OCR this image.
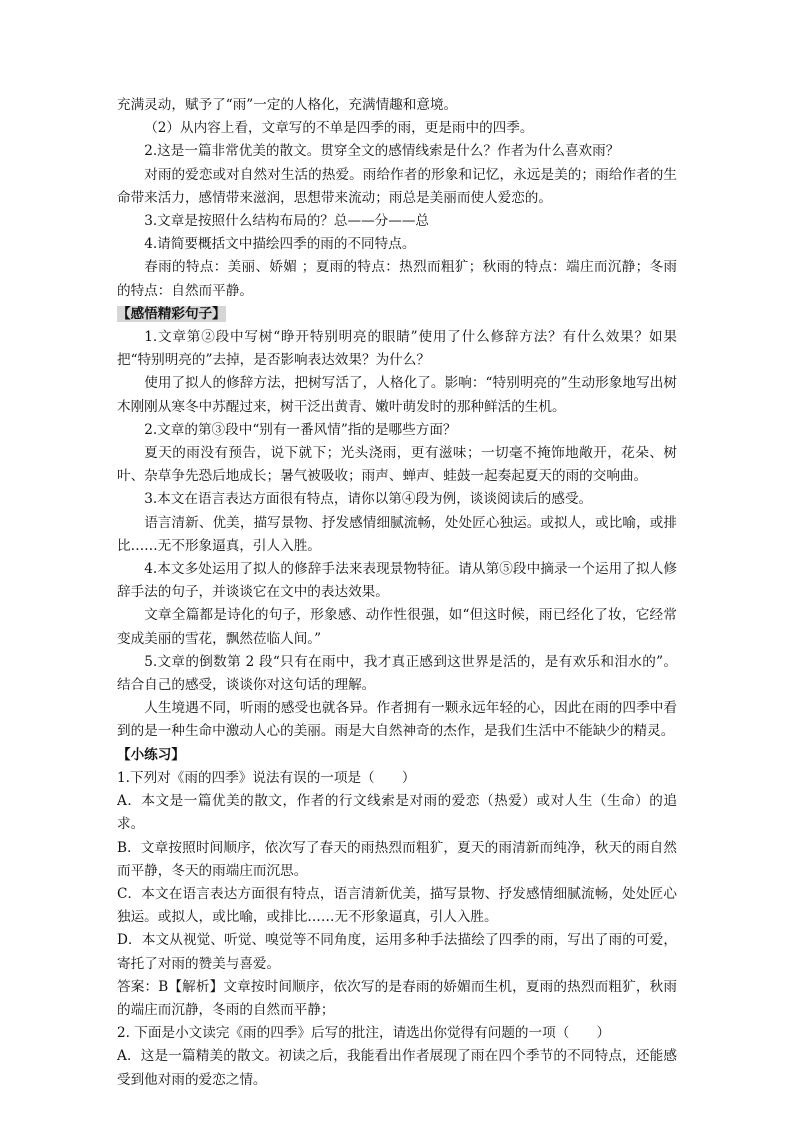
充满灵动，赋予了“雨”一定的人格化，充满情趣和意境。

（2）从内容上看，文章写的不单是四季的雨，更是雨中的四季。

2.这是一篇非常优美的散文。贯穿全文的感情线索是什么？作者为什么喜欢雨？

对雨的爱恋或对自然对生活的热爱。雨给作者的形象和记忆，永远是美的；雨给作者的生命带来活力，感情带来滋润，思想带来流动；雨总是美丽而使人爱恋的。

3.文章是按照什么结构布局的？总——分——总

4.请简要概括文中描绘四季的雨的不同特点。

春雨的特点：美丽、娇媚 ；夏雨的特点：热烈而粗犷；秋雨的特点：端庄而沉静；冬雨的特点：自然而平静。

【感悟精彩句子】

1.文章第②段中写树“睁开特别明亮的眼睛”使用了什么修辞方法？有什么效果？如果把“特别明亮的”去掉，是否影响表达效果？为什么？

使用了拟人的修辞方法，把树写活了，人格化了。影响：“特别明亮的”生动形象地写出树木刚刚从寒冬中苏醒过来，树干泛出黄青、嫩叶萌发时的那种鲜活的生机。

2.文章的第③段中“别有一番风情”指的是哪些方面？

夏天的雨没有预告，说下就下；光头浇雨，更有滋味；一切毫不掩饰地敞开，花朵、树叶、杂草争先恐后地成长；暑气被吸收；雨声、蝉声、蛙鼓一起奏起夏天的雨的交响曲。

3.本文在语言表达方面很有特点，请你以第④段为例，谈谈阅读后的感受。

语言清新、优美，描写景物、抒发感情细腻流畅，处处匠心独运。或拟人，或比喻，或排比……无不形象逼真，引人入胜。

4.本文多处运用了拟人的修辞手法来表现景物特征。请从第⑤段中摘录一个运用了拟人修辞手法的句子，并谈谈它在文中的表达效果。

文章全篇都是诗化的句子，形象感、动作性很强，如“但这时候，雨已经化了妆，它经常变成美丽的雪花，飘然莅临人间。”

5.文章的倒数第 2 段“只有在雨中，我才真正感到这世界是活的，是有欢乐和泪水的”。结合自己的感受，谈谈你对这句话的理解。

人生境遇不同，听雨的感受也就各异。作者拥有一颗永远年轻的心，因此在雨的四季中看到的是一种生命中激动人心的美丽。雨是大自然神奇的杰作，是我们生活中不能缺少的精灵。

【小练习】

1.下列对《雨的四季》说法有误的一项是（　　）

A．本文是一篇优美的散文，作者的行文线索是对雨的爱恋（热爱）或对人生（生命）的追求。

B．文章按照时间顺序，依次写了春天的雨热烈而粗犷，夏天的雨清新而纯净，秋天的雨自然而平静，冬天的雨端庄而沉思。

C．本文在语言表达方面很有特点，语言清新优美，描写景物、抒发感情细腻流畅，处处匠心独运。或拟人，或比喻，或排比……无不形象逼真，引人入胜。

D．本文从视觉、听觉、嗅觉等不同角度，运用多种手法描绘了四季的雨，写出了雨的可爱，寄托了对雨的赞美与喜爱。

答案：B【解析】文章按时间顺序，依次写的是春雨的娇媚而生机，夏雨的热烈而粗犷，秋雨的端庄而沉静，冬雨的自然而平静；

2. 下面是小文读完《雨的四季》后写的批注，请选出你觉得有问题的一项（　　）

A．这是一篇精美的散文。初读之后，我能看出作者展现了雨在四个季节的不同特点，还能感受到他对雨的爱恋之情。
